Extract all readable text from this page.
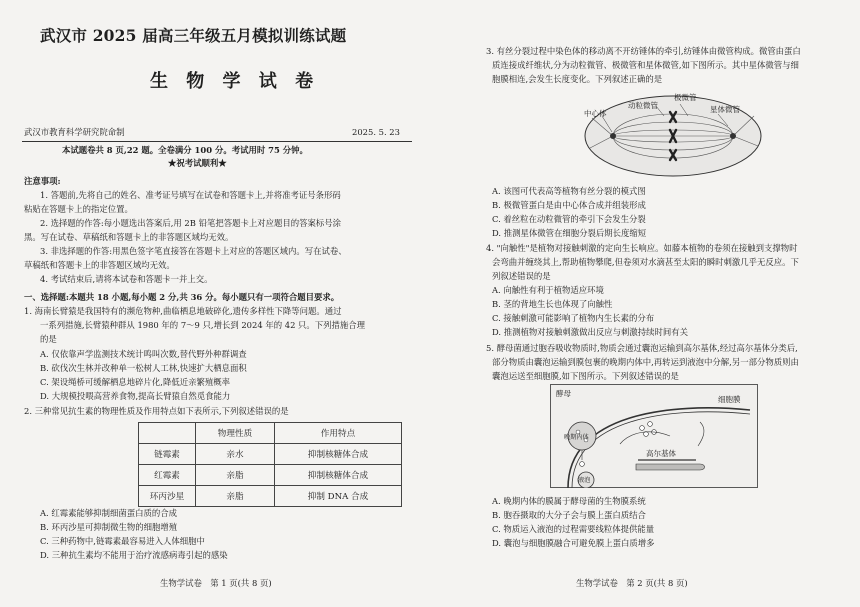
武汉市 2025 届高三年级五月模拟训练试题
生 物 学 试 卷
武汉市教育科学研究院命制	2025. 5. 23
本试题卷共 8 页,22 题。全卷满分 100 分。考试用时 75 分钟。
★祝考试顺利★
注意事项:
1. 答题前,先将自己的姓名、准考证号填写在试卷和答题卡上,并将准考证号条形码
粘贴在答题卡上的指定位置。
2. 选择题的作答:每小题选出答案后,用 2B 铅笔把答题卡上对应题目的答案标号涂
黑。写在试卷、草稿纸和答题卡上的非答题区域均无效。
3. 非选择题的作答:用黑色签字笔直接答在答题卡上对应的答题区域内。写在试卷、
草稿纸和答题卡上的非答题区域均无效。
4. 考试结束后,请将本试卷和答题卡一并上交。
一、选择题:本题共 18 小题,每小题 2 分,共 36 分。每小题只有一项符合题目要求。
1. 海南长臂猿是我国特有的濒危物种,曲临栖息地破碎化,遗传多样性下降等问题。通过
一系列措施,长臂猿种群从 1980 年的 7～9 只,增长到 2024 年的 42 只。下列措施合理
的是
A. 仅依靠声学监测技术统计鸣叫次数,替代野外种群调查
B. 砍伐次生林并改种单一松树人工林,快速扩大栖息面积
C. 架设绳桥可缓解栖息地碎片化,降低近亲繁殖概率
D. 大规模投喂高营养食物,提高长臂猿自然觅食能力
2. 三种常见抗生素的物理性质及作用特点如下表所示,下列叙述错误的是
	物理性质	作用特点
链霉素	亲水	抑制核糖体合成
红霉素	亲脂	抑制核糖体合成
环丙沙星	亲脂	抑制 DNA 合成
A. 红霉素能够抑制细菌蛋白质的合成
B. 环丙沙星可抑制微生物的细胞增殖
C. 三种药物中,链霉素最容易进入人体细胞中
D. 三种抗生素均不能用于治疗流感病毒引起的感染
生物学试卷　第 1 页(共 8 页)
3. 有丝分裂过程中染色体的移动离不开纺锤体的牵引,纺锤体由微管构成。微管由蛋白
质连接成纤维状,分为动粒微管、极微管和星体微管,如下图所示。其中星体微管与细
胞膜相连,会发生长度变化。下列叙述正确的是
动粒微管
极微管
星体微管
中心体
A. 该图可代表高等植物有丝分裂的模式图
B. 极微管蛋白是由中心体合成并组装形成
C. 着丝粒在动粒微管的牵引下会发生分裂
D. 推测星体微管在细胞分裂后期长度缩短
4. "向触性"是植物对接触刺激的定向生长响应。如藤本植物的卷须在接触到支撑物时
会弯曲并缠绕其上,帮助植物攀爬,但卷须对水滴甚至太阳的瞬时刺激几乎无反应。下
列叙述错误的是
A. 向触性有利于植物适应环境
B. 茎的背地生长也体现了向触性
C. 接触刺激可能影响了植物内生长素的分布
D. 推测植物对接触刺激做出反应与刺激持续时间有关
5. 酵母菌通过胞吞吸收物质时,物质会通过囊泡运输到高尔基体,经过高尔基体分类后,
部分物质由囊泡运输到膜包裹的晚期内体中,再转运到液泡中分解,另一部分物质则由
囊泡运送至细胞膜,如下图所示。下列叙述错误的是
酵母
细胞膜
晚期内体
高尔基体
液泡
A. 晚期内体的膜属于酵母菌的生物膜系统
B. 胞吞摄取的大分子会与膜上蛋白质结合
C. 物质运入液泡的过程需要线粒体提供能量
D. 囊泡与细胞膜融合可避免膜上蛋白质增多
生物学试卷　第 2 页(共 8 页)
